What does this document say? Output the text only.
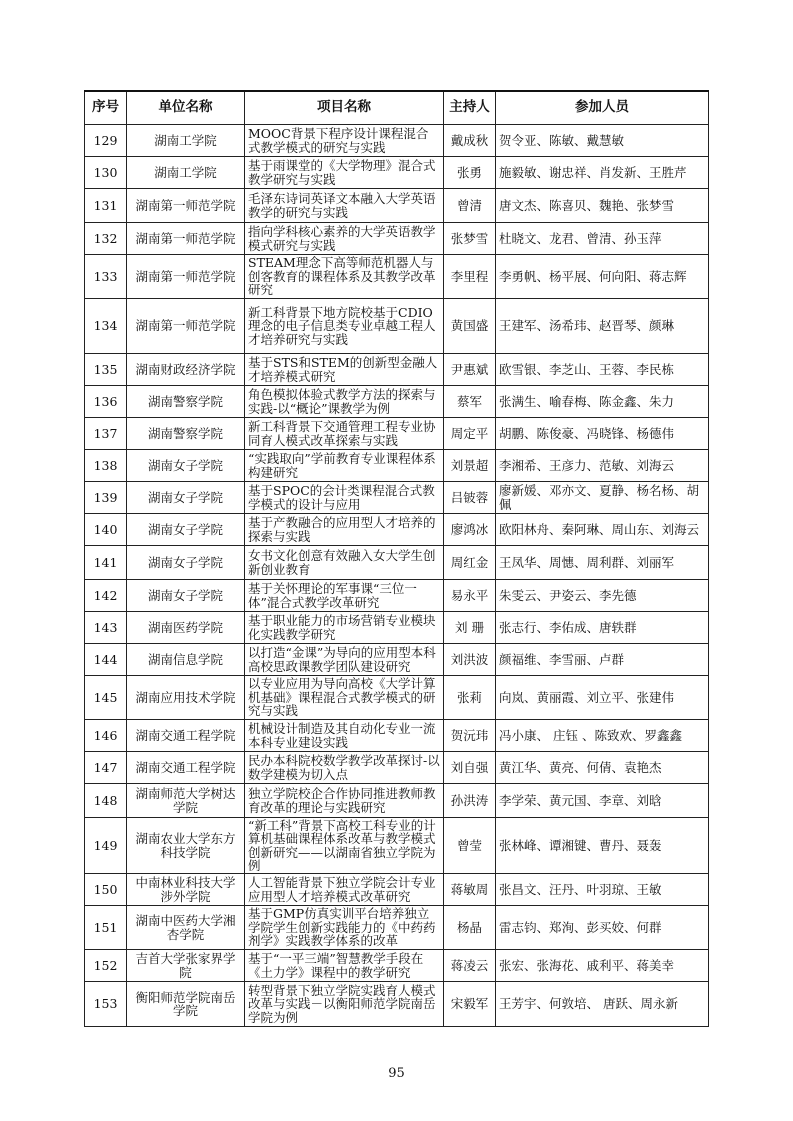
序号	单位名称	项目名称	主持人	参加人员
129	湖南工学院	MOOC背景下程序设计课程混合式教学模式的研究与实践	戴成秋	贺令亚、陈敏、戴慧敏
130	湖南工学院	基于雨课堂的《大学物理》混合式教学研究与实践	张勇	施毅敏、谢忠祥、肖发新、王胜芹
131	湖南第一师范学院	毛泽东诗词英译文本融入大学英语教学的研究与实践	曾清	唐文杰、陈喜贝、魏艳、张梦雪
132	湖南第一师范学院	指向学科核心素养的大学英语教学模式研究与实践	张梦雪	杜晓文、龙君、曾清、孙玉萍
133	湖南第一师范学院	STEAM理念下高等师范机器人与创客教育的课程体系及其教学改革研究	李里程	李勇帆、杨平展、何向阳、蒋志辉
134	湖南第一师范学院	新工科背景下地方院校基于CDIO理念的电子信息类专业卓越工程人才培养研究与实践	黄国盛	王建军、汤希玮、赵晋琴、颜琳
135	湖南财政经济学院	基于STS和STEM的创新型金融人才培养模式研究	尹惠斌	欧雪银、李芝山、王蓉、李民栋
136	湖南警察学院	角色模拟体验式教学方法的探索与实践-以“概论”课教学为例	蔡军	张满生、喻春梅、陈金鑫、朱力
137	湖南警察学院	新工科背景下交通管理工程专业协同育人模式改革探索与实践	周定平	胡鹏、陈俊豪、冯晓锋、杨德伟
138	湖南女子学院	“实践取向”学前教育专业课程体系构建研究	刘景超	李湘希、王彦力、范敏、刘海云
139	湖南女子学院	基于SPOC的会计类课程混合式教学模式的设计与应用	吕铍蓉	廖新媛、邓亦文、夏静、杨名杨、胡佩
140	湖南女子学院	基于产教融合的应用型人才培养的探索与实践	廖鸿冰	欧阳林舟、秦阿琳、周山东、刘海云
141	湖南女子学院	女书文化创意有效融入女大学生创新创业教育	周红金	王凤华、周憓、周利群、刘丽军
142	湖南女子学院	基于关怀理论的军事课“三位一体”混合式教学改革研究	易永平	朱雯云、尹姿云、李先德
143	湖南医药学院	基于职业能力的市场营销专业模块化实践教学研究	刘 珊	张志行、李佑成、唐轶群
144	湖南信息学院	以打造“金课”为导向的应用型本科高校思政课教学团队建设研究	刘洪波	颜福维、李雪丽、卢群
145	湖南应用技术学院	以专业应用为导向高校《大学计算机基础》课程混合式教学模式的研究与实践	张莉	向岚、黄丽霞、刘立平、张建伟
146	湖南交通工程学院	机械设计制造及其自动化专业一流本科专业建设实践	贺沅玮	冯小康、 庄钰 、陈致欢、罗鑫鑫
147	湖南交通工程学院	民办本科院校数学教学改革探讨-以数学建模为切入点	刘自强	黄江华、黄亮、何倩、袁艳杰
148	湖南师范大学树达学院	独立学院校企合作协同推进教师教育改革的理论与实践研究	孙洪涛	李学荣、黄元国、李章、刘晗
149	湖南农业大学东方科技学院	“新工科”背景下高校工科专业的计算机基础课程体系改革与教学模式创新研究——以湖南省独立学院为例	曾莹	张林峰、谭湘键、曹丹、聂轰
150	中南林业科技大学涉外学院	人工智能背景下独立学院会计专业应用型人才培养模式改革研究	蒋敏周	张昌文、汪丹、叶羽琼、王敏
151	湖南中医药大学湘杏学院	基于GMP仿真实训平台培养独立学院学生创新实践能力的《中药药剂学》实践教学体系的改革	杨晶	雷志钧、郑洵、彭买姣、何群
152	吉首大学张家界学院	基于“一平三端”智慧教学手段在《土力学》课程中的教学研究	蒋凌云	张宏、张海花、戚利平、蒋美幸
153	衡阳师范学院南岳学院	转型背景下独立学院实践育人模式改革与实践－以衡阳师范学院南岳学院为例	宋毅军	王芳宇、何敦培、 唐跃、周永新
95
